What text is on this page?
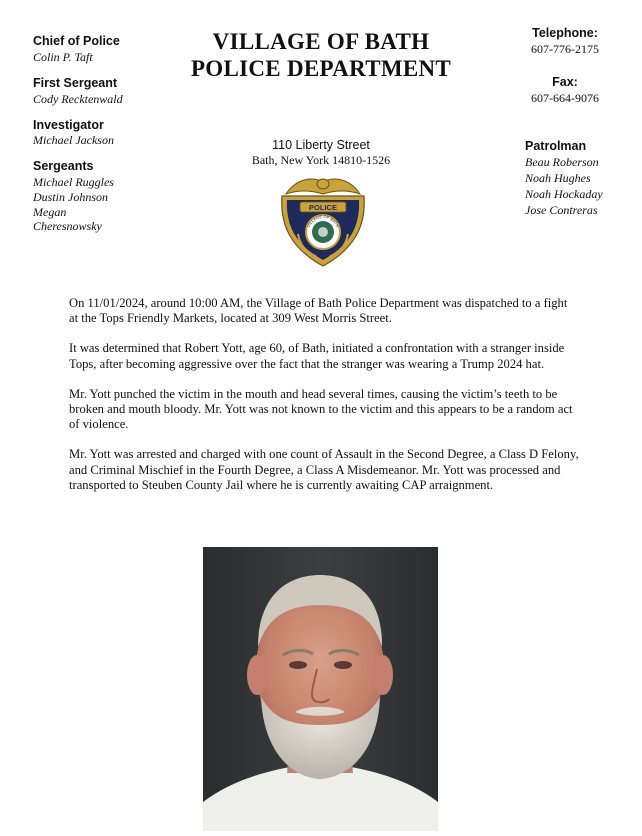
Chief of Police
Colin P. Taft
First Sergeant
Cody Recktenwald
Investigator
Michael Jackson
Sergeants
Michael Ruggles
Dustin Johnson
Megan
Cheresnowsky
VILLAGE OF BATH
POLICE DEPARTMENT
110 Liberty Street
Bath, New York 14810-1526
POLICE
VILLAGE OF BATH
Telephone:
607-776-2175
Fax:
607-664-9076
Patrolman
Beau Roberson
Noah Hughes
Noah Hockaday
Jose Contreras

On 11/01/2024, around 10:00 AM, the Village of Bath Police Department was dispatched to a fight at the Tops Friendly Markets, located at 309 West Morris Street.

It was determined that Robert Yott, age 60, of Bath, initiated a confrontation with a stranger inside Tops, after becoming aggressive over the fact that the stranger was wearing a Trump 2024 hat.

Mr. Yott punched the victim in the mouth and head several times, causing the victim’s teeth to be broken and mouth bloody. Mr. Yott was not known to the victim and this appears to be a random act of violence.

Mr. Yott was arrested and charged with one count of Assault in the Second Degree, a Class D Felony, and Criminal Mischief in the Fourth Degree, a Class A Misdemeanor. Mr. Yott was processed and transported to Steuben County Jail where he is currently awaiting CAP arraignment.
